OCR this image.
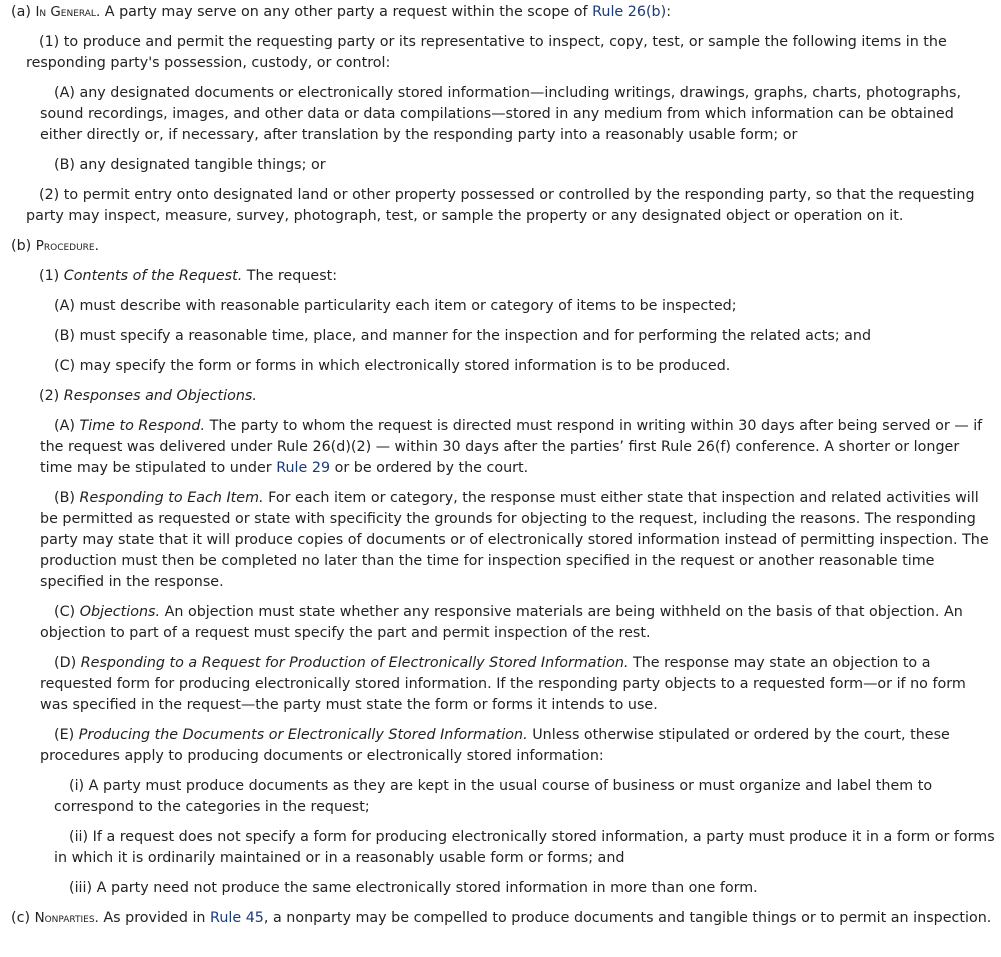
(a) In General. A party may serve on any other party a request within the scope of Rule 26(b):

(1) to produce and permit the requesting party or its representative to inspect, copy, test, or sample the following items in the responding party's possession, custody, or control:

(A) any designated documents or electronically stored information—including writings, drawings, graphs, charts, photographs, sound recordings, images, and other data or data compilations—stored in any medium from which information can be obtained either directly or, if necessary, after translation by the responding party into a reasonably usable form; or

(B) any designated tangible things; or

(2) to permit entry onto designated land or other property possessed or controlled by the responding party, so that the requesting party may inspect, measure, survey, photograph, test, or sample the property or any designated object or operation on it.

(b) Procedure.

(1) Contents of the Request. The request:

(A) must describe with reasonable particularity each item or category of items to be inspected;

(B) must specify a reasonable time, place, and manner for the inspection and for performing the related acts; and

(C) may specify the form or forms in which electronically stored information is to be produced.

(2) Responses and Objections.

(A) Time to Respond. The party to whom the request is directed must respond in writing within 30 days after being served or — if the request was delivered under Rule 26(d)(2) — within 30 days after the parties’ first Rule 26(f) conference. A shorter or longer time may be stipulated to under Rule 29 or be ordered by the court.

(B) Responding to Each Item. For each item or category, the response must either state that inspection and related activities will be permitted as requested or state with specificity the grounds for objecting to the request, including the reasons. The responding party may state that it will produce copies of documents or of electronically stored information instead of permitting inspection. The production must then be completed no later than the time for inspection specified in the request or another reasonable time specified in the response.

(C) Objections. An objection must state whether any responsive materials are being withheld on the basis of that objection. An objection to part of a request must specify the part and permit inspection of the rest.

(D) Responding to a Request for Production of Electronically Stored Information. The response may state an objection to a requested form for producing electronically stored information. If the responding party objects to a requested form—or if no form was specified in the request—the party must state the form or forms it intends to use.

(E) Producing the Documents or Electronically Stored Information. Unless otherwise stipulated or ordered by the court, these procedures apply to producing documents or electronically stored information:

(i) A party must produce documents as they are kept in the usual course of business or must organize and label them to correspond to the categories in the request;

(ii) If a request does not specify a form for producing electronically stored information, a party must produce it in a form or forms in which it is ordinarily maintained or in a reasonably usable form or forms; and

(iii) A party need not produce the same electronically stored information in more than one form.

(c) Nonparties. As provided in Rule 45, a nonparty may be compelled to produce documents and tangible things or to permit an inspection.
